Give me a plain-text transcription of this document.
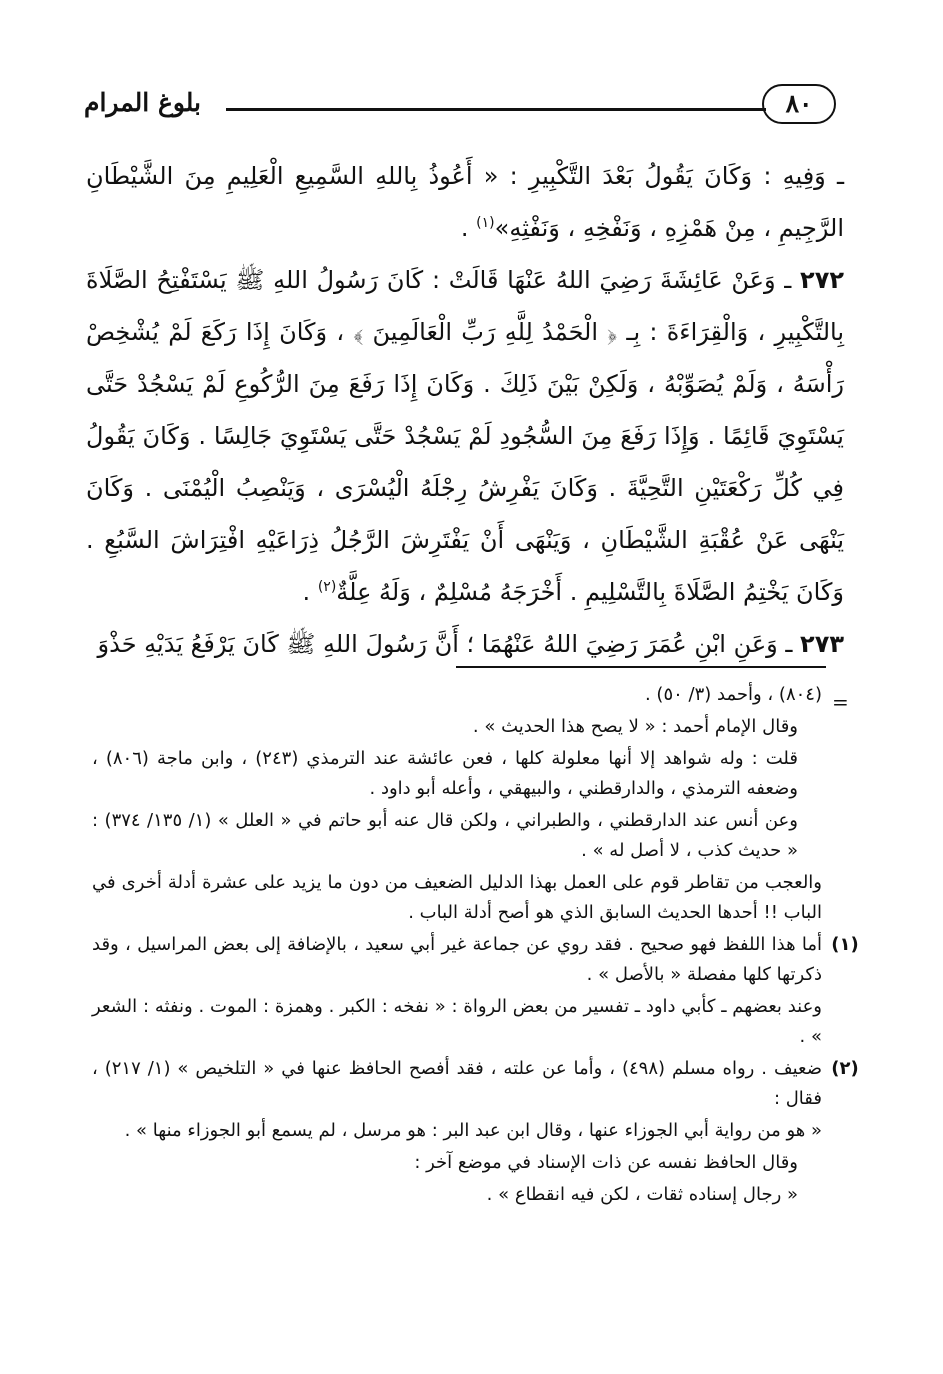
٨٠
بلوغ المرام

ـ وَفِيهِ : وَكَانَ يَقُولُ بَعْدَ التَّكْبِيرِ : « أَعُوذُ بِاللهِ السَّمِيعِ الْعَلِيمِ مِنَ الشَّيْطَانِ الرَّجِيمِ ، مِنْ هَمْزِهِ ، وَنَفْخِهِ ، وَنَفْثِهِ»$^{(١)}$ .

٢٧٢ ـ وَعَنْ عَائِشَةَ رَضِيَ اللهُ عَنْهَا قَالَتْ : كَانَ رَسُولُ اللهِ ﷺ يَسْتَفْتِحُ الصَّلَاةَ بِالتَّكْبِيرِ ، وَالْقِرَاءَةَ : بِـ ﴿ الْحَمْدُ لِلَّهِ رَبِّ الْعَالَمِينَ ﴾ ، وَكَانَ إِذَا رَكَعَ لَمْ يُشْخِصْ رَأْسَهُ ، وَلَمْ يُصَوِّبْهُ ، وَلَكِنْ بَيْنَ ذَلِكَ . وَكَانَ إِذَا رَفَعَ مِنَ الرُّكُوعِ لَمْ يَسْجُدْ حَتَّى يَسْتَوِيَ قَائِمًا . وَإِذَا رَفَعَ مِنَ السُّجُودِ لَمْ يَسْجُدْ حَتَّى يَسْتَوِيَ جَالِسًا . وَكَانَ يَقُولُ فِي كُلِّ رَكْعَتَيْنِ التَّحِيَّةَ . وَكَانَ يَفْرِشُ رِجْلَهُ الْيُسْرَى ، وَيَنْصِبُ الْيُمْنَى . وَكَانَ يَنْهَى عَنْ عُقْبَةِ الشَّيْطَانِ ، وَيَنْهَى أَنْ يَفْتَرِشَ الرَّجُلُ ذِرَاعَيْهِ افْتِرَاشَ السَّبُعِ . وَكَانَ يَخْتِمُ الصَّلَاةَ بِالتَّسْلِيمِ . أَخْرَجَهُ مُسْلِمٌ ، وَلَهُ عِلَّةٌ$^{(٢)}$ .

٢٧٣ ـ وَعَنِ ابْنِ عُمَرَ رَضِيَ اللهُ عَنْهُمَا ؛ أَنَّ رَسُولَ اللهِ ﷺ كَانَ يَرْفَعُ يَدَيْهِ حَذْوَ

=

(٨٠٤) ، وأحمد (٣/ ٥٠) .

وقال الإمام أحمد : « لا يصح هذا الحديث » .

قلت : وله شواهد إلا أنها معلولة كلها ، فعن عائشة عند الترمذي (٢٤٣) ، وابن ماجة (٨٠٦) ، وضعفه الترمذي ، والدارقطني ، والبيهقي ، وأعله أبو داود .

وعن أنس عند الدارقطني ، والطبراني ، ولكن قال عنه أبو حاتم في « العلل » (١/ ١٣٥/ ٣٧٤) : « حديث كذب ، لا أصل له » .

والعجب من تقاطر قوم على العمل بهذا الدليل الضعيف من دون ما يزيد على عشرة أدلة أخرى في الباب !! أحدها الحديث السابق الذي هو أصح أدلة الباب .

(١)

أما هذا اللفظ فهو صحيح . فقد روي عن جماعة غير أبي سعيد ، بالإضافة إلى بعض المراسيل ، وقد ذكرتها كلها مفصلة « بالأصل » .

وعند بعضهم ـ كأبي داود ـ تفسير من بعض الرواة : « نفخه : الكبر . وهمزة : الموت . ونفثه : الشعر » .

(٢)

ضعيف . رواه مسلم (٤٩٨) ، وأما عن علته ، فقد أفصح الحافظ عنها في « التلخيص » (١/ ٢١٧) ، فقال :

« هو من رواية أبي الجوزاء عنها ، وقال ابن عبد البر : هو مرسل ، لم يسمع أبو الجوزاء منها » .

وقال الحافظ نفسه عن ذات الإسناد في موضع آخر :

« رجال إسناده ثقات ، لكن فيه انقطاع » .
